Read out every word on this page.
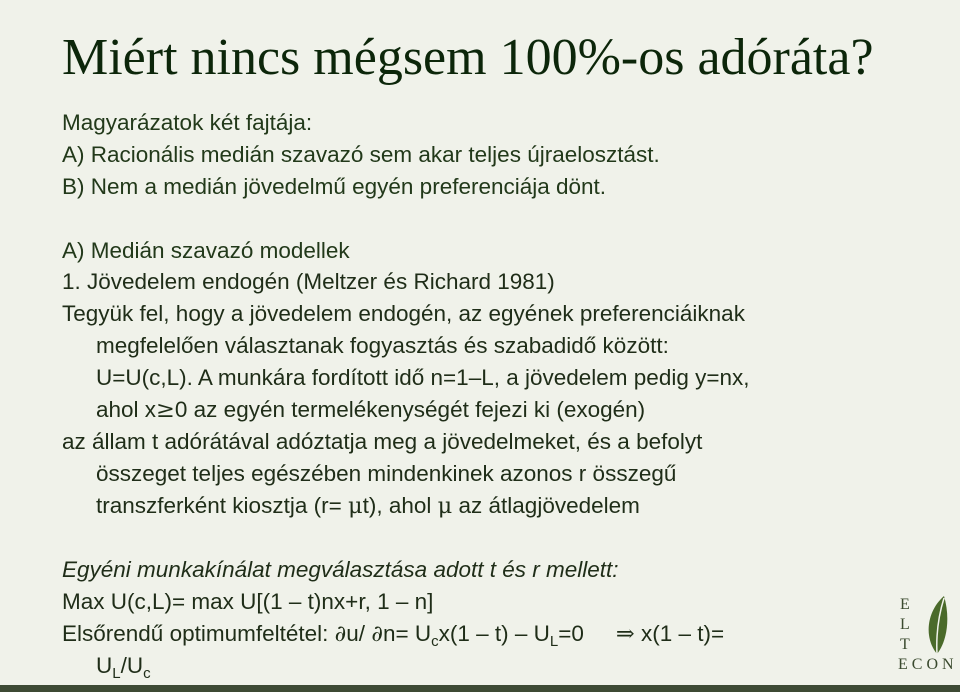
Miért nincs mégsem 100%-os adóráta?
Magyarázatok két fajtája:
A) Racionális medián szavazó sem akar teljes újraelosztást.
B) Nem a medián jövedelmű egyén preferenciája dönt.
A) Medián szavazó modellek
1. Jövedelem endogén (Meltzer és Richard 1981)
Tegyük fel, hogy a jövedelem endogén, az egyének preferenciáiknak
megfelelően választanak fogyasztás és szabadidő között:
U=U(c,L). A munkára fordított idő n=1–L, a jövedelem pedig y=nx,
ahol x≥0 az egyén termelékenységét fejezi ki (exogén)
az állam t adórátával adóztatja meg a jövedelmeket, és a befolyt
összeget teljes egészében mindenkinek azonos r összegű
transzferként kiosztja (r= μt), ahol μ az átlagjövedelem
Egyéni munkakínálat megválasztása adott t és r mellett:
Max U(c,L)= max U[(1 – t)nx+r, 1 – n]
Elsőrendű optimumfeltétel: ∂u/ $\partial n= U_cx(1 - t) - U_L=0$ ⇒ x(1 – t)=
$U_L/U_c$
E
L
T
ECON
